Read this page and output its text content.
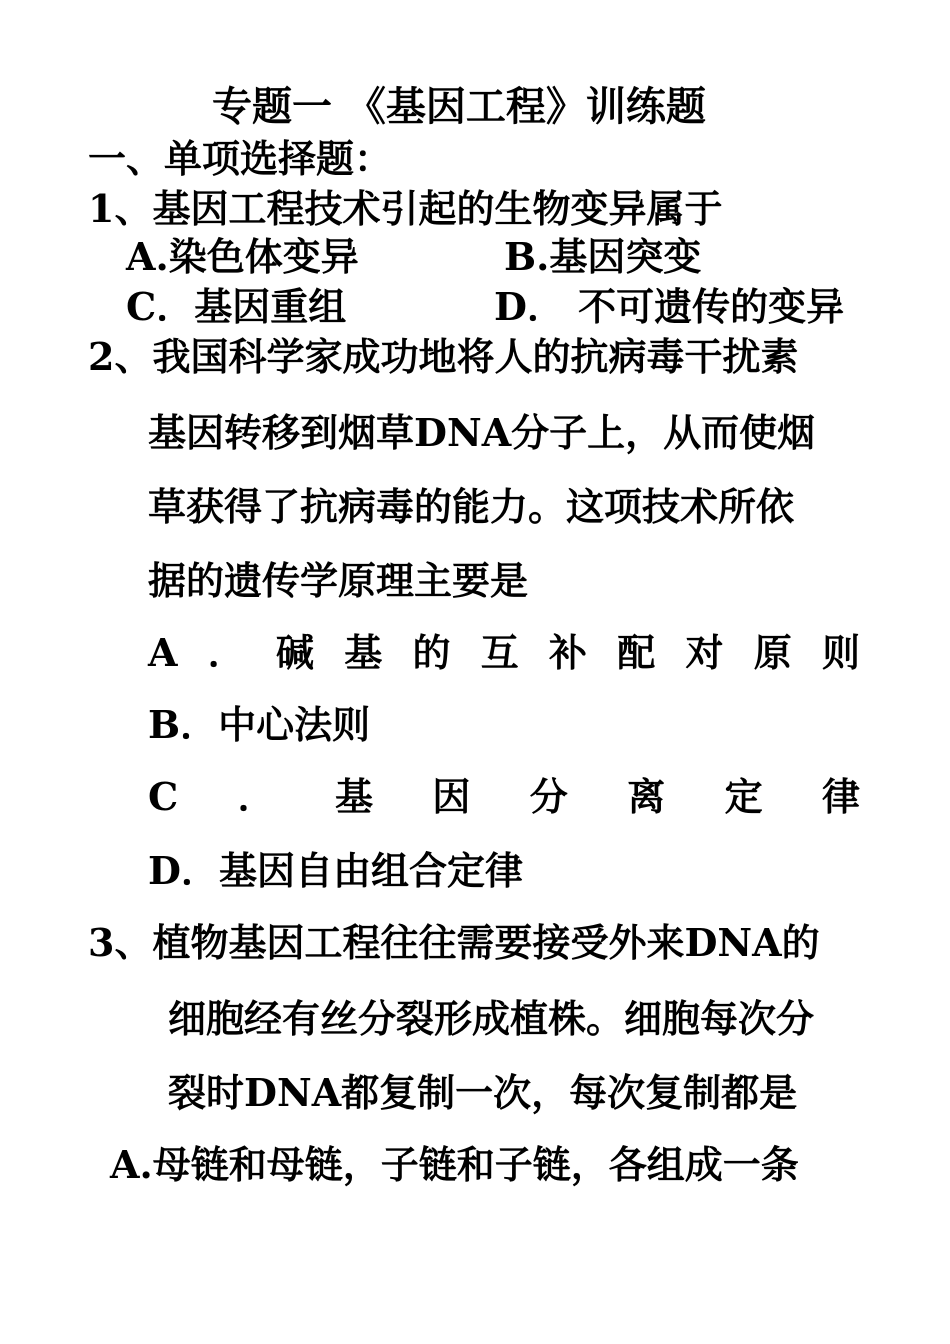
专题一 《基因工程》训练题

一、单项选择题：

1、基因工程技术引起的生物变异属于

A.染色体变异	B.基因突变

C．基因重组	D． 不可遗传的变异

2、我国科学家成功地将人的抗病毒干扰素

基因转移到烟草DNA分子上，从而使烟

草获得了抗病毒的能力。这项技术所依

据的遗传学原理主要是

A ． 碱 基 的 互 补 配 对 原 则

B．中心法则

C ． 基 因 分 离 定 律

D．基因自由组合定律

3、植物基因工程往往需要接受外来DNA的

细胞经有丝分裂形成植株。细胞每次分

裂时DNA都复制一次，每次复制都是

A.母链和母链，子链和子链，各组成一条
